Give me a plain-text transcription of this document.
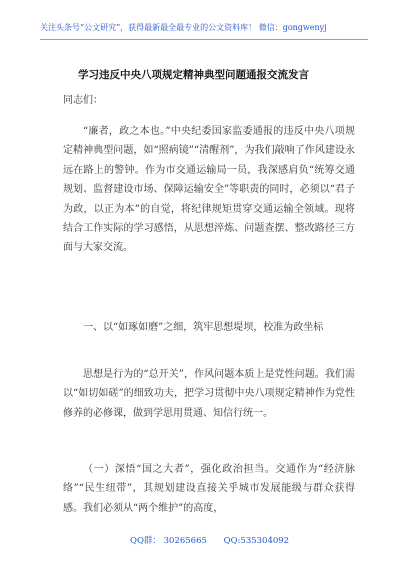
关注头条号“公文研究”，获得最新最全最专业的公文资料库！ 微信：gongwenyj
学习违反中央八项规定精神典型问题通报交流发言
同志们：

“廉者，政之本也。”中央纪委国家监委通报的违反中央八项规定精神典型问题，如“照病镜”“清醒剂”，为我们敲响了作风建设永远在路上的警钟。作为市交通运输局一员，我深感肩负“统筹交通规划、监督建设市场、保障运输安全”等职责的同时，必须以“君子为政，以正为本”的自觉，将纪律规矩贯穿交通运输全领域。现将结合工作实际的学习感悟，从思想淬炼、问题查摆、整改路径三方面与大家交流。

一、以“如琢如磨”之细，筑牢思想堤坝，校准为政坐标

思想是行为的“总开关”，作风问题本质上是党性问题。我们需以“如切如磋”的细致功夫，把学习贯彻中央八项规定精神作为党性修养的必修课，做到学思用贯通、知信行统一。

（一）深悟“国之大者”，强化政治担当。交通作为“经济脉络”“民生纽带”，其规划建设直接关乎城市发展能级与群众获得感。我们必须从“两个维护”的高度，

QQ群： 30265665 QQ:535304092
